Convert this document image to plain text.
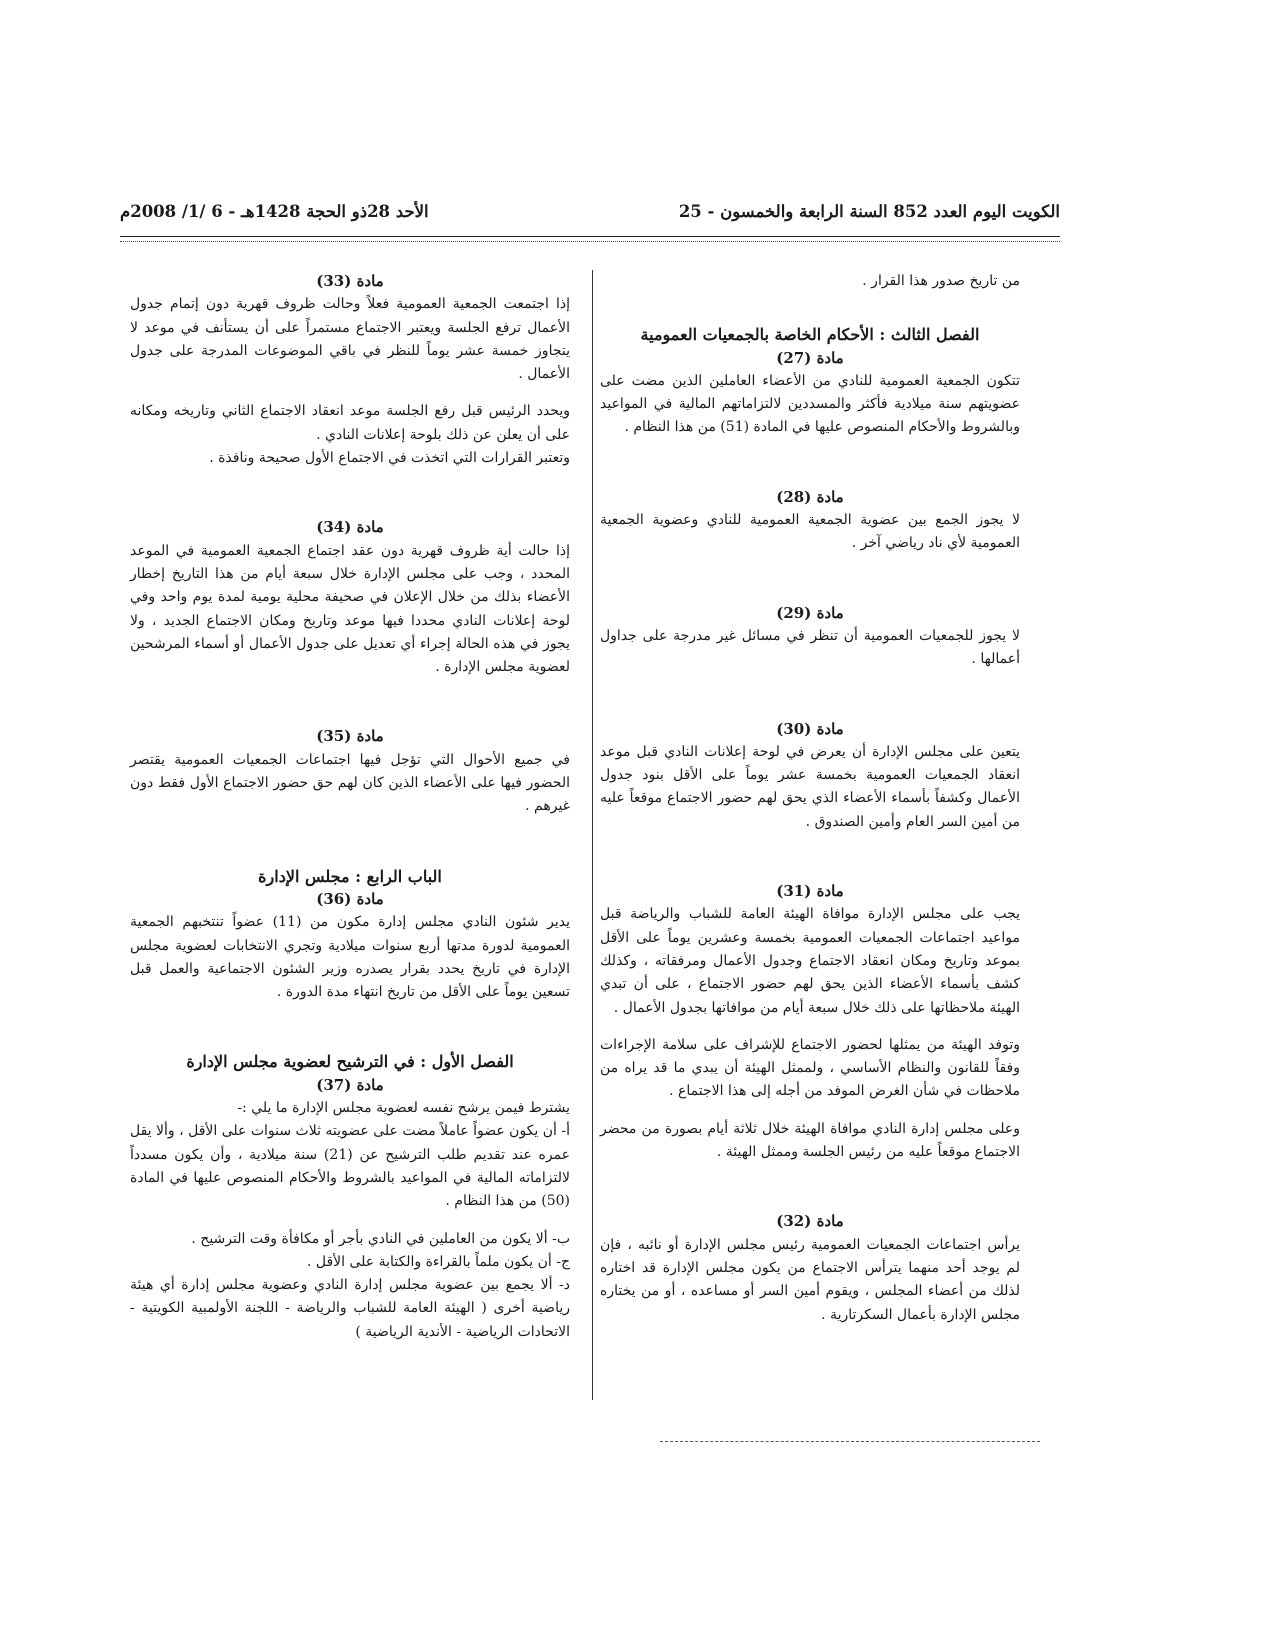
الكويت اليوم العدد 852 السنة الرابعة والخمسون - 25
الأحد 28ذو الحجة 1428هـ - 6 /1/ 2008م

من تاريخ صدور هذا القرار .

الفصل الثالث : الأحكام الخاصة بالجمعيات العمومية
مادة (27)

تتكون الجمعية العمومية للنادي من الأعضاء العاملين الذين مضت على عضويتهم سنة ميلادية فأكثر والمسددين لالتزاماتهم المالية في المواعيد وبالشروط والأحكام المنصوص عليها في المادة (51) من هذا النظام .

مادة (28)

لا يجوز الجمع بين عضوية الجمعية العمومية للنادي وعضوية الجمعية العمومية لأي ناد رياضي آخر .

مادة (29)

لا يجوز للجمعيات العمومية أن تنظر في مسائل غير مدرجة على جداول أعمالها .

مادة (30)

يتعين على مجلس الإدارة أن يعرض في لوحة إعلانات النادي قبل موعد انعقاد الجمعيات العمومية بخمسة عشر يوماً على الأقل بنود جدول الأعمال وكشفاً بأسماء الأعضاء الذي يحق لهم حضور الاجتماع موقعاً عليه من أمين السر العام وأمين الصندوق .

مادة (31)

يجب على مجلس الإدارة موافاة الهيئة العامة للشباب والرياضة قبل مواعيد اجتماعات الجمعيات العمومية بخمسة وعشرين يوماً على الأقل بموعد وتاريخ ومكان انعقاد الاجتماع وجدول الأعمال ومرفقاته ، وكذلك كشف بأسماء الأعضاء الذين يحق لهم حضور الاجتماع ، على أن تبدي الهيئة ملاحظاتها على ذلك خلال سبعة أيام من موافاتها بجدول الأعمال .

وتوفد الهيئة من يمثلها لحضور الاجتماع للإشراف على سلامة الإجراءات وفقاً للقانون والنظام الأساسي ، ولممثل الهيئة أن يبدي ما قد يراه من ملاحظات في شأن الغرض الموفد من أجله إلى هذا الاجتماع .

وعلى مجلس إدارة النادي موافاة الهيئة خلال ثلاثة أيام بصورة من محضر الاجتماع موقعاً عليه من رئيس الجلسة وممثل الهيئة .

مادة (32)

يرأس اجتماعات الجمعيات العمومية رئيس مجلس الإدارة أو نائبه ، فإن لم يوجد أحد منهما يترأس الاجتماع من يكون مجلس الإدارة قد اختاره لذلك من أعضاء المجلس ، ويقوم أمين السر أو مساعده ، أو من يختاره مجلس الإدارة بأعمال السكرتارية .

مادة (33)

إذا اجتمعت الجمعية العمومية فعلاً وحالت ظروف قهرية دون إتمام جدول الأعمال ترفع الجلسة ويعتبر الاجتماع مستمراً على أن يستأنف في موعد لا يتجاوز خمسة عشر يوماً للنظر في باقي الموضوعات المدرجة على جدول الأعمال .

ويحدد الرئيس قبل رفع الجلسة موعد انعقاد الاجتماع الثاني وتاريخه ومكانه على أن يعلن عن ذلك بلوحة إعلانات النادي .

وتعتبر القرارات التي اتخذت في الاجتماع الأول صحيحة ونافذة .

مادة (34)

إذا حالت أية ظروف قهرية دون عقد اجتماع الجمعية العمومية في الموعد المحدد ، وجب على مجلس الإدارة خلال سبعة أيام من هذا التاريخ إخطار الأعضاء بذلك من خلال الإعلان في صحيفة محلية يومية لمدة يوم واحد وفي لوحة إعلانات النادي محددا فيها موعد وتاريخ ومكان الاجتماع الجديد ، ولا يجوز في هذه الحالة إجراء أي تعديل على جدول الأعمال أو أسماء المرشحين لعضوية مجلس الإدارة .

مادة (35)

في جميع الأحوال التي تؤجل فيها اجتماعات الجمعيات العمومية يقتصر الحضور فيها على الأعضاء الذين كان لهم حق حضور الاجتماع الأول فقط دون غيرهم .

الباب الرابع : مجلس الإدارة
مادة (36)

يدير شئون النادي مجلس إدارة مكون من (11) عضواً تنتخبهم الجمعية العمومية لدورة مدتها أربع سنوات ميلادية وتجري الانتخابات لعضوية مجلس الإدارة في تاريخ يحدد بقرار يصدره وزير الشئون الاجتماعية والعمل قبل تسعين يوماً على الأقل من تاريخ انتهاء مدة الدورة .

الفصل الأول : في الترشيح لعضوية مجلس الإدارة
مادة (37)

يشترط فيمن يرشح نفسه لعضوية مجلس الإدارة ما يلي :-

أ- أن يكون عضواً عاملاً مضت على عضويته ثلاث سنوات على الأقل ، وألا يقل عمره عند تقديم طلب الترشيح عن (21) سنة ميلادية ، وأن يكون مسدداً لالتزاماته المالية في المواعيد بالشروط والأحكام المنصوص عليها في المادة (50) من هذا النظام .

ب- ألا يكون من العاملين في النادي بأجر أو مكافأة وقت الترشيح .

ج- أن يكون ملماً بالقراءة والكتابة على الأقل .

د- ألا يجمع بين عضوية مجلس إدارة النادي وعضوية مجلس إدارة أي هيئة رياضية أخرى ( الهيئة العامة للشباب والرياضة - اللجنة الأولمبية الكويتية - الاتحادات الرياضية - الأندية الرياضية )
